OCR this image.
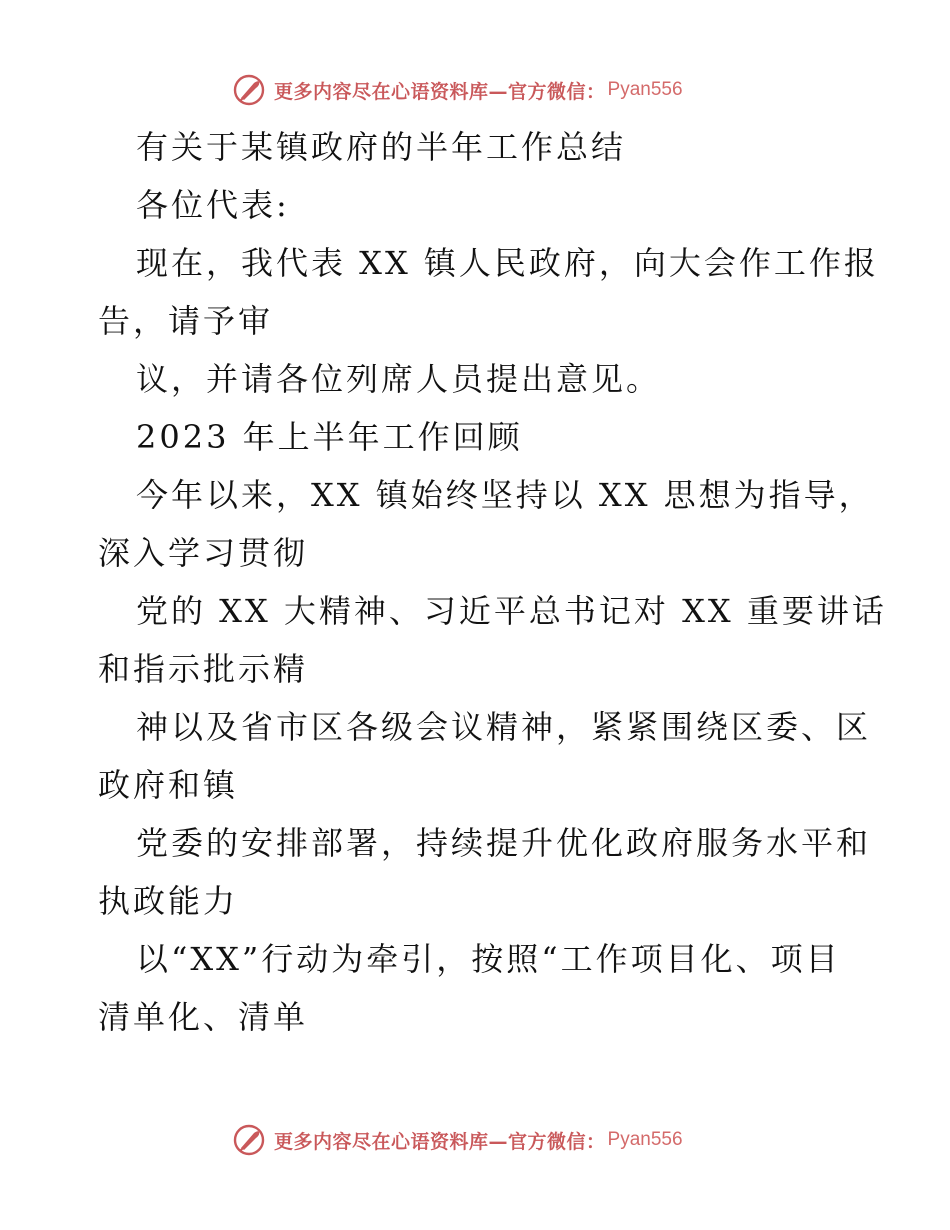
更多内容尽在心语资料库—官方微信： Pyan556
有关于某镇政府的半年工作总结
各位代表:
现在，我代表 XX 镇人民政府，向大会作工作报
告，请予审
议，并请各位列席人员提出意见。
2023 年上半年工作回顾
今年以来，XX 镇始终坚持以 XX 思想为指导，
深入学习贯彻
党的 XX 大精神、习近平总书记对 XX 重要讲话
和指示批示精
神以及省市区各级会议精神，紧紧围绕区委、区
政府和镇
党委的安排部署，持续提升优化政府服务水平和
执政能力
以“XX”行动为牵引，按照“工作项目化、项目
清单化、清单
更多内容尽在心语资料库—官方微信： Pyan556
